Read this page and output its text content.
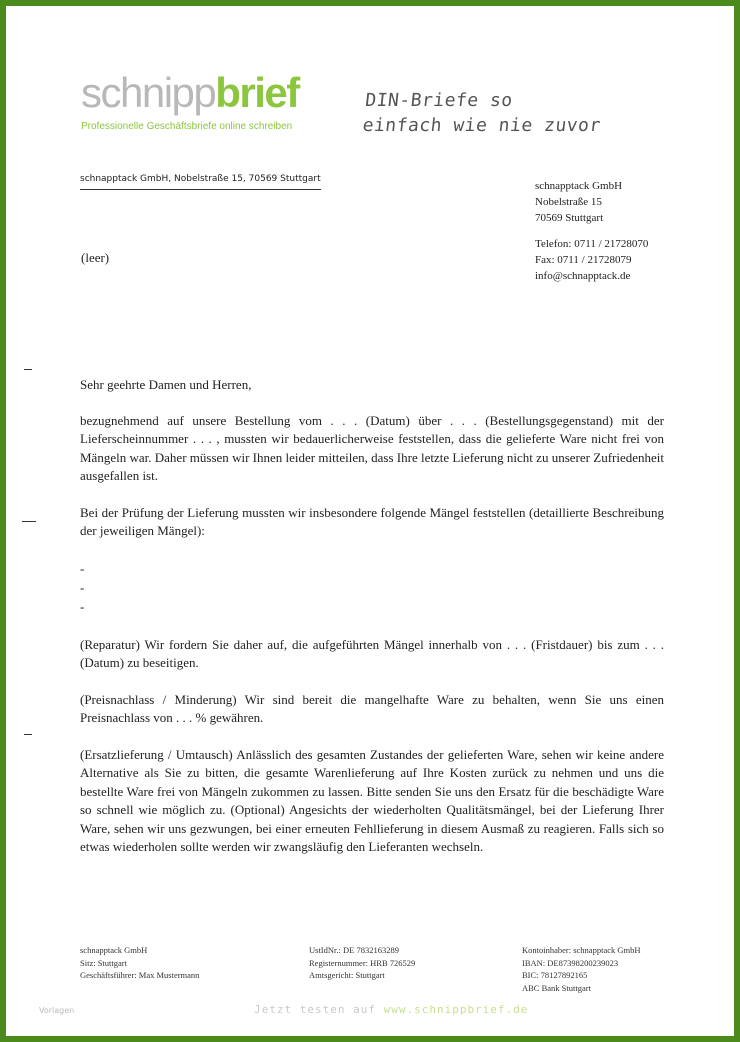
schnippbrief
Professionelle Geschäftsbriefe online schreiben
DIN-Briefe so
einfach wie nie zuvor
schnapptack GmbH, Nobelstraße 15, 70569 Stuttgart
(leer)
schnapptack GmbH
Nobelstraße 15
70569 Stuttgart
Telefon: 0711 / 21728070
Fax: 0711 / 21728079
info@schnapptack.de

Sehr geehrte Damen und Herren,

bezugnehmend auf unsere Bestellung vom . . . (Datum) über . . . (Bestellungsgegenstand) mit der Lieferscheinnummer . . . , mussten wir bedauerlicherweise feststellen, dass die gelieferte Ware nicht frei von Mängeln war. Daher müssen wir Ihnen leider mitteilen, dass Ihre letzte Lieferung nicht zu unserer Zufriedenheit ausgefallen ist.

Bei der Prüfung der Lieferung mussten wir insbesondere folgende Mängel feststellen (detaillierte Beschreibung der jeweiligen Mängel):

-
-
-

(Reparatur) Wir fordern Sie daher auf, die aufgeführten Mängel innerhalb von . . . (Fristdauer) bis zum . . . (Datum) zu beseitigen.

(Preisnachlass / Minderung) Wir sind bereit die mangelhafte Ware zu behalten, wenn Sie uns einen Preisnachlass von . . . % gewähren.

(Ersatzlieferung / Umtausch) Anlässlich des gesamten Zustandes der gelieferten Ware, sehen wir keine andere Alternative als Sie zu bitten, die gesamte Warenlieferung auf Ihre Kosten zurück zu nehmen und uns die bestellte Ware frei von Mängeln zukommen zu lassen. Bitte senden Sie uns den Ersatz für die beschädigte Ware so schnell wie möglich zu. (Optional) Angesichts der wiederholten Qualitätsmängel, bei der Lieferung Ihrer Ware, sehen wir uns gezwungen, bei einer erneuten Fehllieferung in diesem Ausmaß zu reagieren. Falls sich so etwas wiederholen sollte werden wir zwangsläufig den Lieferanten wechseln.

schnapptack GmbH
Sitz: Stuttgart
Geschäftsführer: Max Mustermann
UstIdNr.: DE 7832163289
Registernummer: HRB 726529
Amtsgericht: Stuttgart
Kontoinhaber: schnapptack GmbH
IBAN: DE87398200239023
BIC: 78127892165
ABC Bank Stuttgart
Vorlagen	Jetzt testen auf www.schnippbrief.de
